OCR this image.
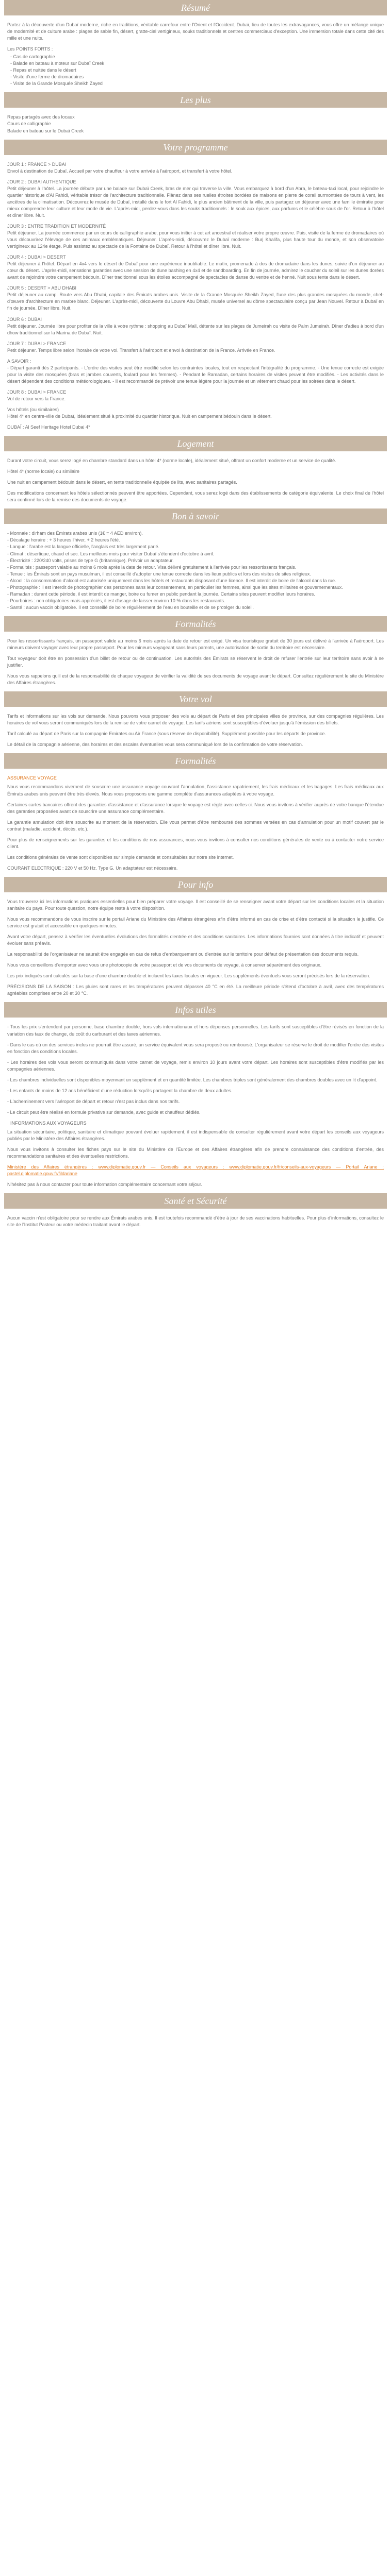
Résumé

Partez à la découverte d'un Dubaï moderne, riche en traditions, véritable carrefour entre l'Orient et l'Occident. Dubaï, lieu de toutes les extravagances, vous offre un mélange unique de modernité et de culture arabe : plages de sable fin, désert, gratte-ciel vertigineux, souks traditionnels et centres commerciaux d'exception. Une immersion totale dans cette cité des mille et une nuits.

Les POINTS FORTS :
- Cas de cartographie
- Balade en bateau à moteur sur Dubaï Creek
- Repas et nuitée dans le désert
- Visite d'une ferme de dromadaires
- Visite de la Grande Mosquée Sheikh Zayed
Les plus
Repas partagés avec des locaux
Cours de calligraphie
Balade en bateau sur le Dubaï Creek
Votre programme
JOUR 1 : FRANCE > DUBAI

Envol à destination de Dubaï. Accueil par votre chauffeur à votre arrivée à l'aéroport, et transfert à votre hôtel.

JOUR 2 : DUBAI AUTHENTIQUE

Petit déjeuner à l'hôtel. La journée débute par une balade sur Dubaï Creek, bras de mer qui traverse la ville. Vous embarquez à bord d'un Abra, le bateau-taxi local, pour rejoindre le quartier historique d'Al Fahidi, véritable trésor de l'architecture traditionnelle. Flânez dans ses ruelles étroites bordées de maisons en pierre de corail surmontées de tours à vent, les ancêtres de la climatisation. Découvrez le musée de Dubaï, installé dans le fort Al Fahidi, le plus ancien bâtiment de la ville, puis partagez un déjeuner avec une famille émiratie pour mieux comprendre leur culture et leur mode de vie. L'après-midi, perdez-vous dans les souks traditionnels : le souk aux épices, aux parfums et le célèbre souk de l'or. Retour à l'hôtel et dîner libre. Nuit.

JOUR 3 : ENTRE TRADITION ET MODERNITÉ

Petit déjeuner. La journée commence par un cours de calligraphie arabe, pour vous initier à cet art ancestral et réaliser votre propre œuvre. Puis, visite de la ferme de dromadaires où vous découvrirez l'élevage de ces animaux emblématiques. Déjeuner. L'après-midi, découvrez le Dubaï moderne : Burj Khalifa, plus haute tour du monde, et son observatoire vertigineux au 124e étage. Puis assistez au spectacle de la Fontaine de Dubaï. Retour à l'hôtel et dîner libre. Nuit.

JOUR 4 : DUBAI > DESERT

Petit déjeuner à l'hôtel. Départ en 4x4 vers le désert de Dubaï pour une expérience inoubliable. Le matin, promenade à dos de dromadaire dans les dunes, suivie d'un déjeuner au cœur du désert. L'après-midi, sensations garanties avec une session de dune bashing en 4x4 et de sandboarding. En fin de journée, admirez le coucher du soleil sur les dunes dorées avant de rejoindre votre campement bédouin. Dîner traditionnel sous les étoiles accompagné de spectacles de danse du ventre et de henné. Nuit sous tente dans le désert.

JOUR 5 : DESERT > ABU DHABI

Petit déjeuner au camp. Route vers Abu Dhabi, capitale des Émirats arabes unis. Visite de la Grande Mosquée Sheikh Zayed, l'une des plus grandes mosquées du monde, chef-d'œuvre d'architecture en marbre blanc. Déjeuner. L'après-midi, découverte du Louvre Abu Dhabi, musée universel au dôme spectaculaire conçu par Jean Nouvel. Retour à Dubaï en fin de journée. Dîner libre. Nuit.

JOUR 6 : DUBAI

Petit déjeuner. Journée libre pour profiter de la ville à votre rythme : shopping au Dubaï Mall, détente sur les plages de Jumeirah ou visite de Palm Jumeirah. Dîner d'adieu à bord d'un dhow traditionnel sur la Marina de Dubaï. Nuit.

JOUR 7 : DUBAI > FRANCE

Petit déjeuner. Temps libre selon l'horaire de votre vol. Transfert à l'aéroport et envol à destination de la France. Arrivée en France.

A SAVOIR :

- Départ garanti dès 2 participants. - L'ordre des visites peut être modifié selon les contraintes locales, tout en respectant l'intégralité du programme. - Une tenue correcte est exigée pour la visite des mosquées (bras et jambes couverts, foulard pour les femmes). - Pendant le Ramadan, certains horaires de visites peuvent être modifiés. - Les activités dans le désert dépendent des conditions météorologiques. - Il est recommandé de prévoir une tenue légère pour la journée et un vêtement chaud pour les soirées dans le désert.

JOUR 8 : DUBAI > FRANCE

Vol de retour vers la France.

Vos hôtels (ou similaires)

Hôtel 4* en centre-ville de Dubaï, idéalement situé à proximité du quartier historique. Nuit en campement bédouin dans le désert.

DUBAÏ : Al Seef Heritage Hotel Dubai 4*

Logement

Durant votre circuit, vous serez logé en chambre standard dans un hôtel 4* (norme locale), idéalement situé, offrant un confort moderne et un service de qualité.

Hôtel 4* (norme locale) ou similaire

Une nuit en campement bédouin dans le désert, en tente traditionnelle équipée de lits, avec sanitaires partagés.

Des modifications concernant les hôtels sélectionnés peuvent être apportées. Cependant, vous serez logé dans des établissements de catégorie équivalente. Le choix final de l'hôtel sera confirmé lors de la remise des documents de voyage.

Bon à savoir
- Monnaie : dirham des Émirats arabes unis (1€ = 4 AED environ).
- Décalage horaire : + 3 heures l'hiver, + 2 heures l'été.
- Langue : l'arabe est la langue officielle, l'anglais est très largement parlé.
- Climat : désertique, chaud et sec. Les meilleurs mois pour visiter Dubaï s'étendent d'octobre à avril.
- Électricité : 220/240 volts, prises de type G (britannique). Prévoir un adaptateur.
- Formalités : passeport valable au moins 6 mois après la date de retour. Visa délivré gratuitement à l'arrivée pour les ressortissants français.
- Tenue : les Émirats sont un pays musulman, il est conseillé d'adopter une tenue correcte dans les lieux publics et lors des visites de sites religieux.
- Alcool : la consommation d'alcool est autorisée uniquement dans les hôtels et restaurants disposant d'une licence. Il est interdit de boire de l'alcool dans la rue.
- Photographie : il est interdit de photographier des personnes sans leur consentement, en particulier les femmes, ainsi que les sites militaires et gouvernementaux.
- Ramadan : durant cette période, il est interdit de manger, boire ou fumer en public pendant la journée. Certains sites peuvent modifier leurs horaires.
- Pourboires : non obligatoires mais appréciés, il est d'usage de laisser environ 10 % dans les restaurants.
- Santé : aucun vaccin obligatoire. Il est conseillé de boire régulièrement de l'eau en bouteille et de se protéger du soleil.
Formalités

Pour les ressortissants français, un passeport valide au moins 6 mois après la date de retour est exigé. Un visa touristique gratuit de 30 jours est délivré à l'arrivée à l'aéroport. Les mineurs doivent voyager avec leur propre passeport. Pour les mineurs voyageant sans leurs parents, une autorisation de sortie du territoire est nécessaire.

Tout voyageur doit être en possession d'un billet de retour ou de continuation. Les autorités des Émirats se réservent le droit de refuser l'entrée sur leur territoire sans avoir à se justifier.

Nous vous rappelons qu'il est de la responsabilité de chaque voyageur de vérifier la validité de ses documents de voyage avant le départ. Consultez régulièrement le site du Ministère des Affaires étrangères.

Votre vol

Tarifs et informations sur les vols sur demande. Nous pouvons vous proposer des vols au départ de Paris et des principales villes de province, sur des compagnies régulières. Les horaires de vol vous seront communiqués lors de la remise de votre carnet de voyage. Les tarifs aériens sont susceptibles d'évoluer jusqu'à l'émission des billets.

Tarif calculé au départ de Paris sur la compagnie Emirates ou Air France (sous réserve de disponibilité). Supplément possible pour les départs de province.

Le détail de la compagnie aérienne, des horaires et des escales éventuelles vous sera communiqué lors de la confirmation de votre réservation.

Formalités
ASSURANCE VOYAGE

Nous vous recommandons vivement de souscrire une assurance voyage couvrant l'annulation, l'assistance rapatriement, les frais médicaux et les bagages. Les frais médicaux aux Émirats arabes unis peuvent être très élevés. Nous vous proposons une gamme complète d'assurances adaptées à votre voyage.

Certaines cartes bancaires offrent des garanties d'assistance et d'assurance lorsque le voyage est réglé avec celles-ci. Nous vous invitons à vérifier auprès de votre banque l'étendue des garanties proposées avant de souscrire une assurance complémentaire.

La garantie annulation doit être souscrite au moment de la réservation. Elle vous permet d'être remboursé des sommes versées en cas d'annulation pour un motif couvert par le contrat (maladie, accident, décès, etc.).

Pour plus de renseignements sur les garanties et les conditions de nos assurances, nous vous invitons à consulter nos conditions générales de vente ou à contacter notre service client.

Les conditions générales de vente sont disponibles sur simple demande et consultables sur notre site internet.

COURANT ELECTRIQUE : 220 V et 50 Hz. Type G. Un adaptateur est nécessaire.

Pour info

Vous trouverez ici les informations pratiques essentielles pour bien préparer votre voyage. Il est conseillé de se renseigner avant votre départ sur les conditions locales et la situation sanitaire du pays. Pour toute question, notre équipe reste à votre disposition.

Nous vous recommandons de vous inscrire sur le portail Ariane du Ministère des Affaires étrangères afin d'être informé en cas de crise et d'être contacté si la situation le justifie. Ce service est gratuit et accessible en quelques minutes.

Avant votre départ, pensez à vérifier les éventuelles évolutions des formalités d'entrée et des conditions sanitaires. Les informations fournies sont données à titre indicatif et peuvent évoluer sans préavis.

La responsabilité de l'organisateur ne saurait être engagée en cas de refus d'embarquement ou d'entrée sur le territoire pour défaut de présentation des documents requis.

Nous vous conseillons d'emporter avec vous une photocopie de votre passeport et de vos documents de voyage, à conserver séparément des originaux.

Les prix indiqués sont calculés sur la base d'une chambre double et incluent les taxes locales en vigueur. Les suppléments éventuels vous seront précisés lors de la réservation.

PRÉCISIONS DE LA SAISON : Les pluies sont rares et les températures peuvent dépasser 40 °C en été. La meilleure période s'étend d'octobre à avril, avec des températures agréables comprises entre 20 et 30 °C.

Infos utiles

- Tous les prix s'entendent par personne, base chambre double, hors vols internationaux et hors dépenses personnelles. Les tarifs sont susceptibles d'être révisés en fonction de la variation des taux de change, du coût du carburant et des taxes aériennes.

- Dans le cas où un des services inclus ne pourrait être assuré, un service équivalent vous sera proposé ou remboursé. L'organisateur se réserve le droit de modifier l'ordre des visites en fonction des conditions locales.

- Les horaires des vols vous seront communiqués dans votre carnet de voyage, remis environ 10 jours avant votre départ. Les horaires sont susceptibles d'être modifiés par les compagnies aériennes.

- Les chambres individuelles sont disponibles moyennant un supplément et en quantité limitée. Les chambres triples sont généralement des chambres doubles avec un lit d'appoint.

- Les enfants de moins de 12 ans bénéficient d'une réduction lorsqu'ils partagent la chambre de deux adultes.

- L'acheminement vers l'aéroport de départ et retour n'est pas inclus dans nos tarifs.

- Le circuit peut être réalisé en formule privative sur demande, avec guide et chauffeur dédiés.

INFORMATIONS AUX VOYAGEURS

La situation sécuritaire, politique, sanitaire et climatique pouvant évoluer rapidement, il est indispensable de consulter régulièrement avant votre départ les conseils aux voyageurs publiés par le Ministère des Affaires étrangères.

Nous vous invitons à consulter les fiches pays sur le site du Ministère de l'Europe et des Affaires étrangères afin de prendre connaissance des conditions d'entrée, des recommandations sanitaires et des éventuelles restrictions.

Ministère des Affaires étrangères : www.diplomatie.gouv.fr — Conseils aux voyageurs : www.diplomatie.gouv.fr/fr/conseils-aux-voyageurs — Portail Ariane : pastel.diplomatie.gouv.fr/fildariane

N'hésitez pas à nous contacter pour toute information complémentaire concernant votre séjour.

Santé et Sécurité

Aucun vaccin n'est obligatoire pour se rendre aux Émirats arabes unis. Il est toutefois recommandé d'être à jour de ses vaccinations habituelles. Pour plus d'informations, consultez le site de l'Institut Pasteur ou votre médecin traitant avant le départ.
